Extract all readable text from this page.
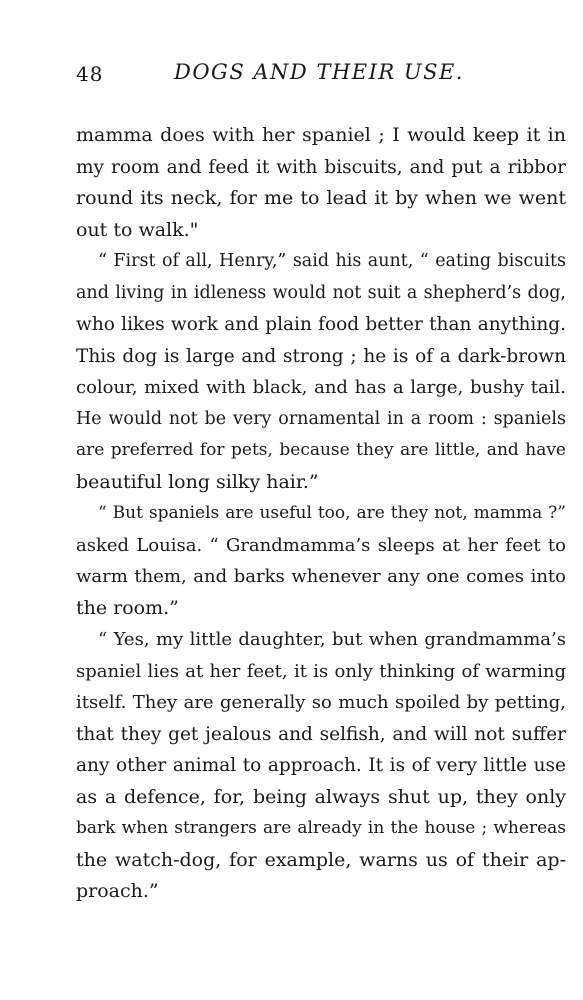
48	DOGS AND THEIR USE.
mamma does with her spaniel ; I would keep it in
my room and feed it with biscuits, and put a ribbor
round its neck, for me to lead it by when we went
out to walk."
“ First of all, Henry,” said his aunt, “ eating biscuits
and living in idleness would not suit a shepherd’s dog,
who likes work and plain food better than anything.
This dog is large and strong ; he is of a dark-brown
colour, mixed with black, and has a large, bushy tail.
He would not be very ornamental in a room : spaniels
are preferred for pets, because they are little, and have
beautiful long silky hair.”
“ But spaniels are useful too, are they not, mamma ?”
asked Louisa. “ Grandmamma’s sleeps at her feet to
warm them, and barks whenever any one comes into
the room.”
“ Yes, my little daughter, but when grandmamma’s
spaniel lies at her feet, it is only thinking of warming
itself. They are generally so much spoiled by petting,
that they get jealous and selfish, and will not suffer
any other animal to approach. It is of very little use
as a defence, for, being always shut up, they only
bark when strangers are already in the house ; whereas
the watch-dog, for example, warns us of their ap-
proach.”
